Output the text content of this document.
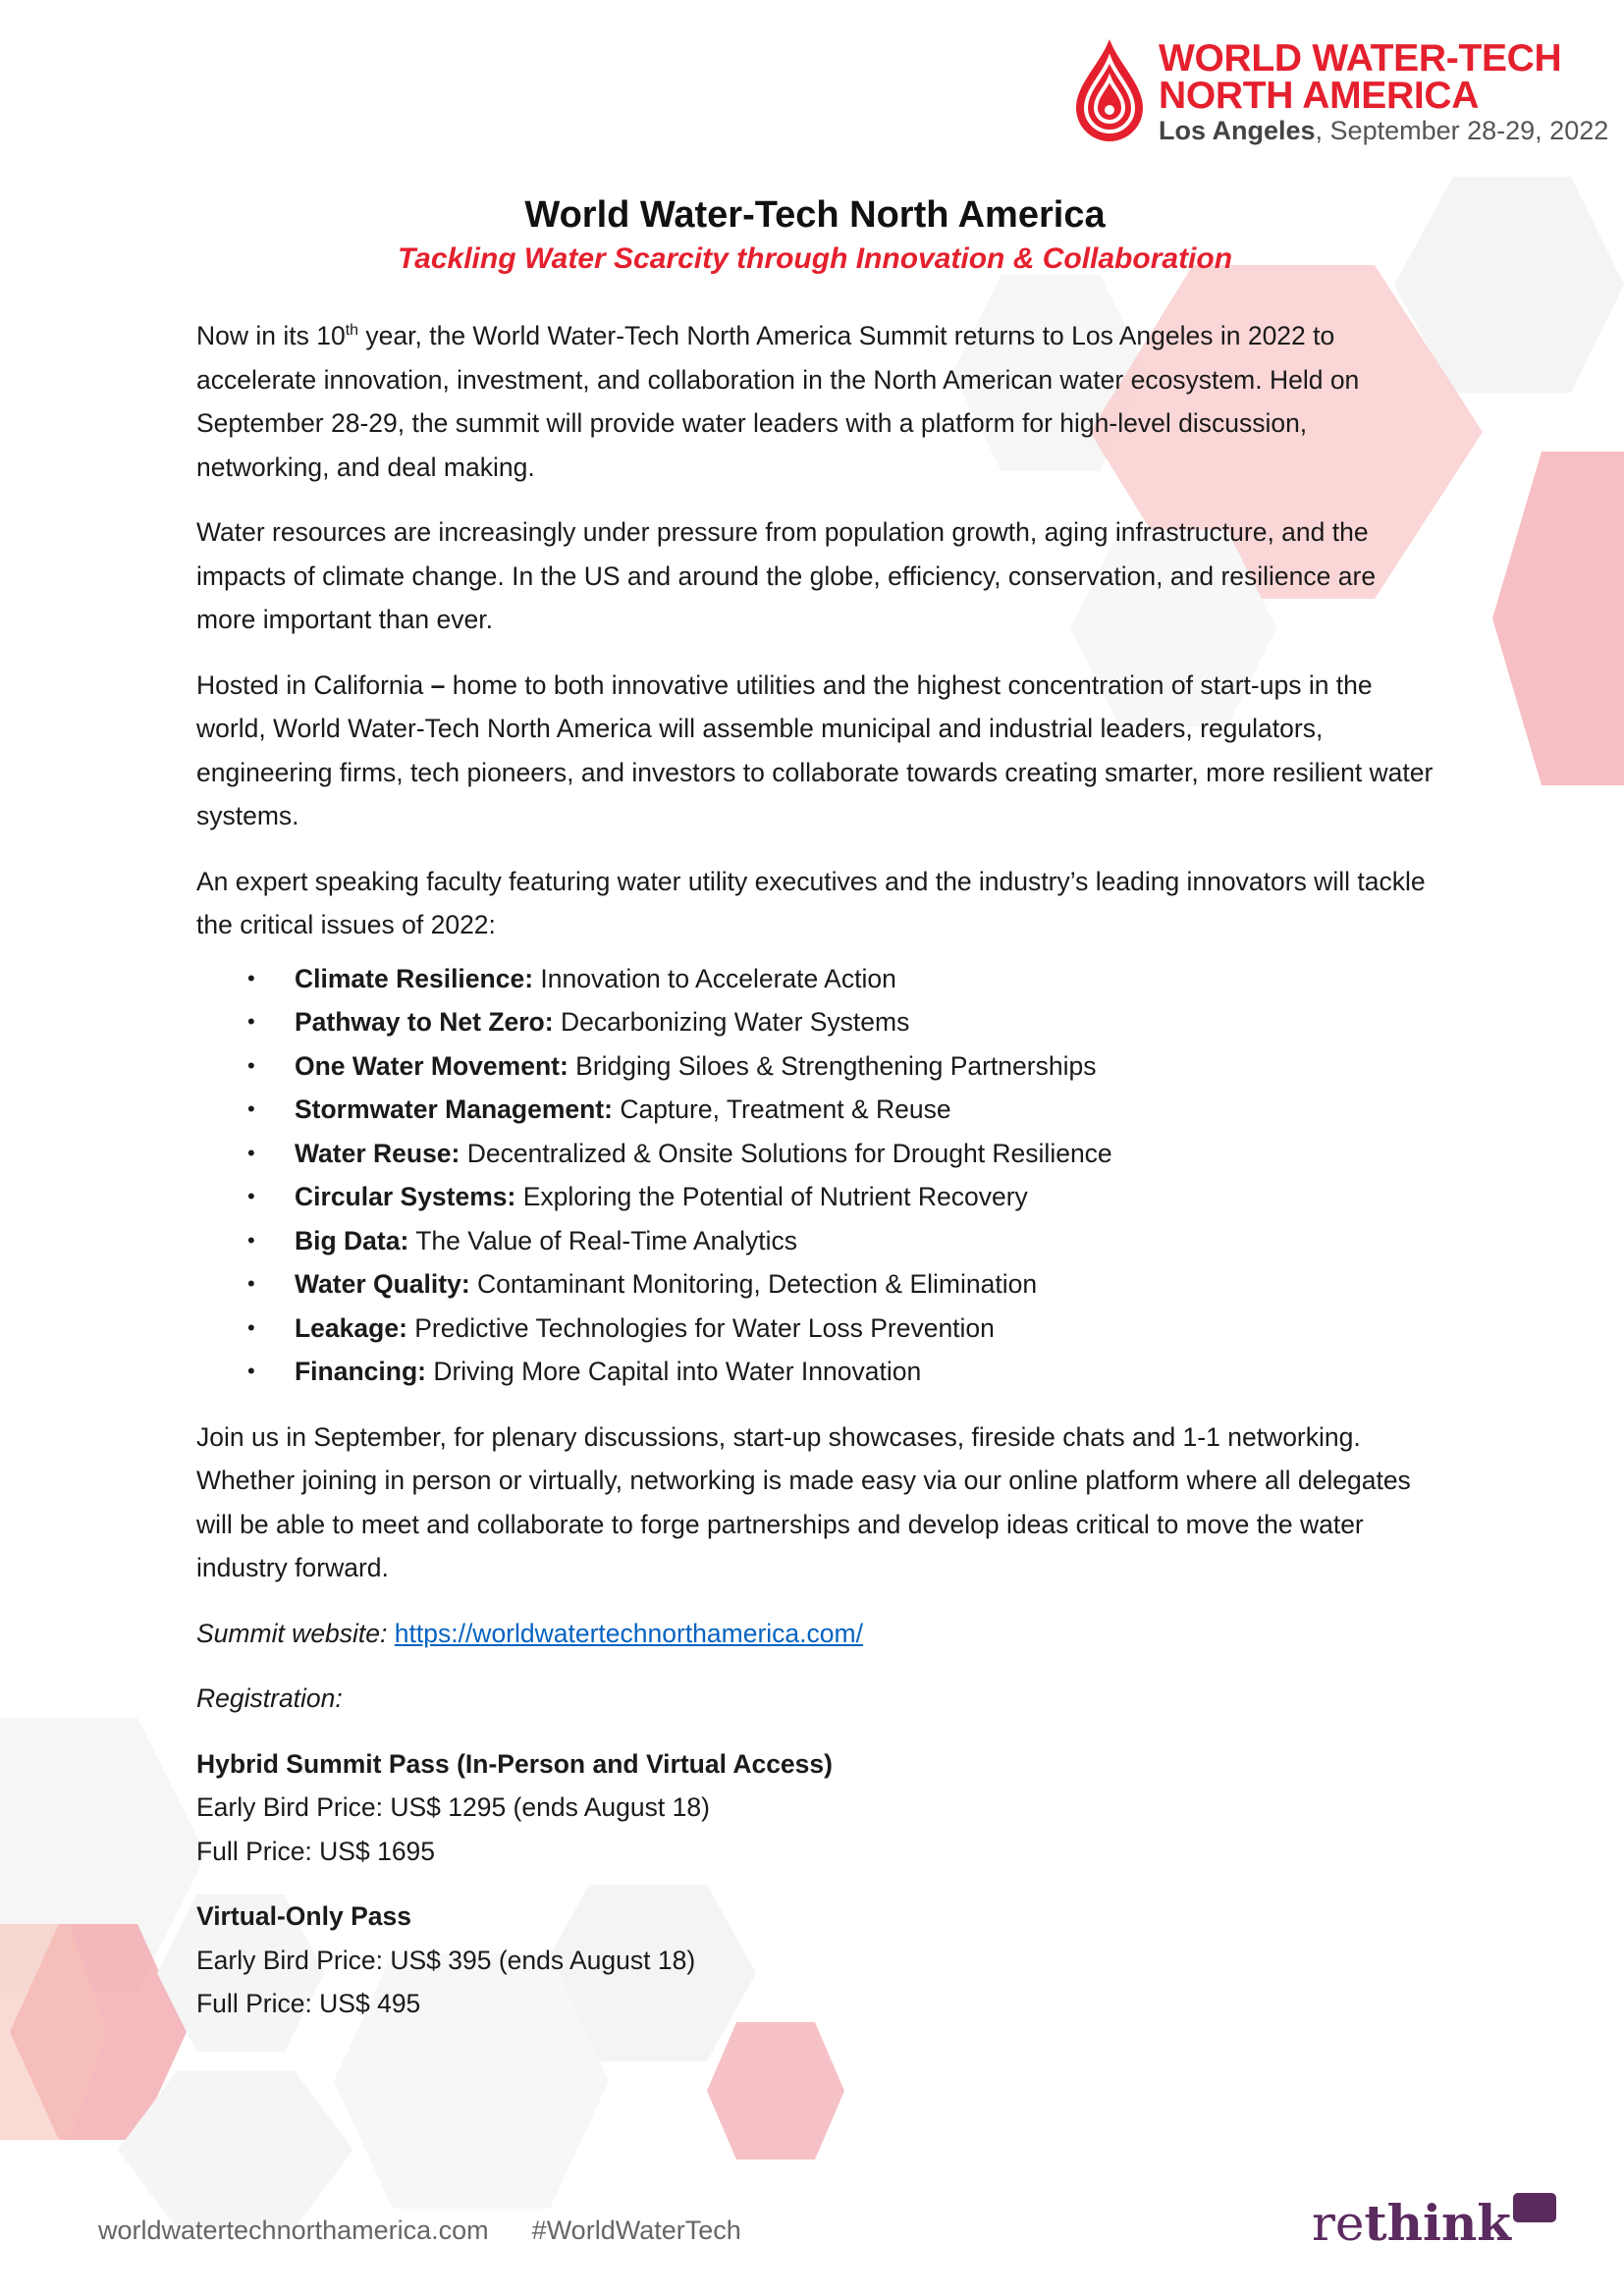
WORLD WATER-TECH
NORTH AMERICA
Los Angeles, September 28-29, 2022
World Water-Tech North America
Tackling Water Scarcity through Innovation & Collaboration

Now in its 10th year, the World Water-Tech North America Summit returns to Los Angeles in 2022 to accelerate innovation, investment, and collaboration in the North American water ecosystem. Held on September 28-29, the summit will provide water leaders with a platform for high-level discussion, networking, and deal making.

Water resources are increasingly under pressure from population growth, aging infrastructure, and the impacts of climate change. In the US and around the globe, efficiency, conservation, and resilience are more important than ever.

Hosted in California – home to both innovative utilities and the highest concentration of start-ups in the world, World Water-Tech North America will assemble municipal and industrial leaders, regulators, engineering firms, tech pioneers, and investors to collaborate towards creating smarter, more resilient water systems.

An expert speaking faculty featuring water utility executives and the industry’s leading innovators will tackle the critical issues of 2022:

• Climate Resilience: Innovation to Accelerate Action
• Pathway to Net Zero: Decarbonizing Water Systems
• One Water Movement: Bridging Siloes & Strengthening Partnerships
• Stormwater Management: Capture, Treatment & Reuse
• Water Reuse: Decentralized & Onsite Solutions for Drought Resilience
• Circular Systems: Exploring the Potential of Nutrient Recovery
• Big Data: The Value of Real-Time Analytics
• Water Quality: Contaminant Monitoring, Detection & Elimination
• Leakage: Predictive Technologies for Water Loss Prevention
• Financing: Driving More Capital into Water Innovation

Join us in September, for plenary discussions, start-up showcases, fireside chats and 1-1 networking. Whether joining in person or virtually, networking is made easy via our online platform where all delegates will be able to meet and collaborate to forge partnerships and develop ideas critical to move the water industry forward.

Summit website: https://worldwatertechnorthamerica.com/

Registration:

Hybrid Summit Pass (In-Person and Virtual Access)
Early Bird Price: US$ 1295 (ends August 18)
Full Price: US$ 1695
Virtual-Only Pass
Early Bird Price: US$ 395 (ends August 18)
Full Price: US$ 495
worldwatertechnorthamerica.com #WorldWaterTech	rethink
